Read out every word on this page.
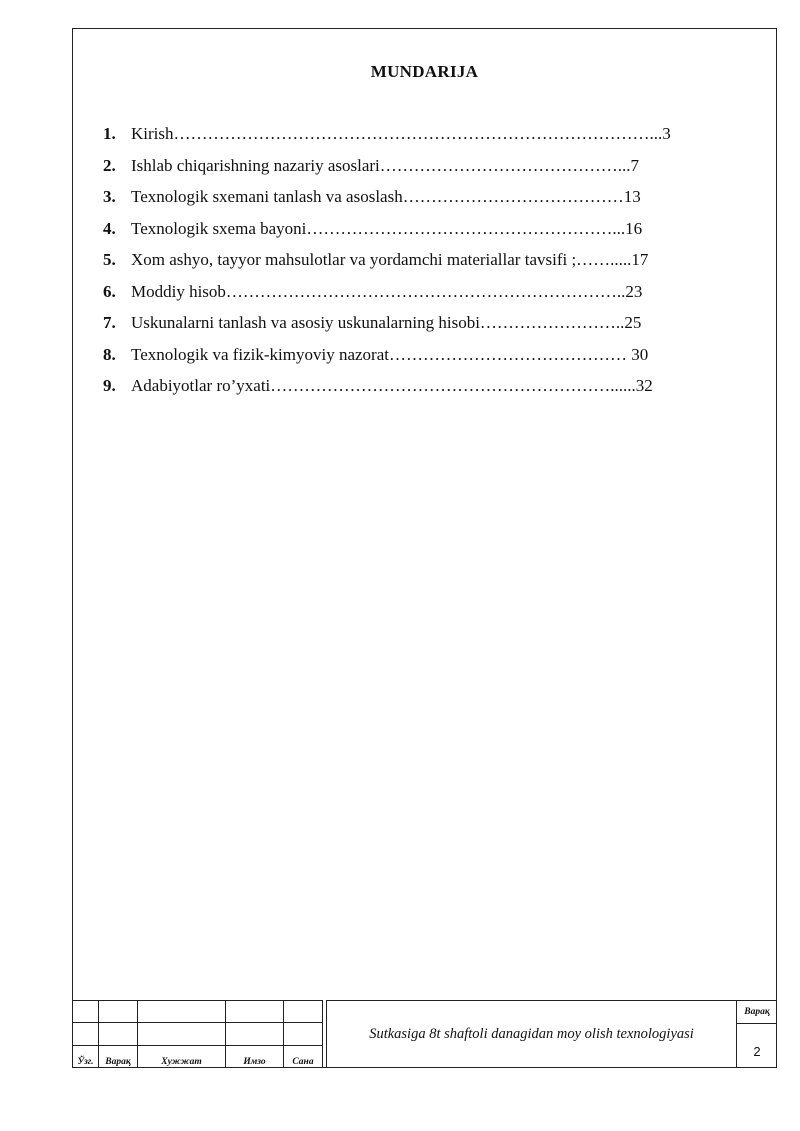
MUNDARIJA
1. Kirish…………………………………………………………………………...3
2. Ishlab chiqarishning nazariy asoslari……………………………………...7
3. Texnologik sxemani tanlash va asoslash…………………………………13
4. Texnologik sxema bayoni………………………………………………...16
5. Xom ashyo, tayyor mahsulotlar va yordamchi materiallar tavsifi ;…….....17
6. Moddiy hisob……………………………………………………………..23
7. Uskunalarni tanlash va asosiy uskunalarning hisobi……………………..25
8. Texnologik va fizik-kimyoviy nazorat…………………………………… 30
9. Adabiyotlar ro’yxati……………………………………………………......32

Ўзг.	Варақ	Хужжат	Имзо	Сана
Sutkasiga 8t shaftoli danagidan moy olish texnologiyasi
Варақ
2
